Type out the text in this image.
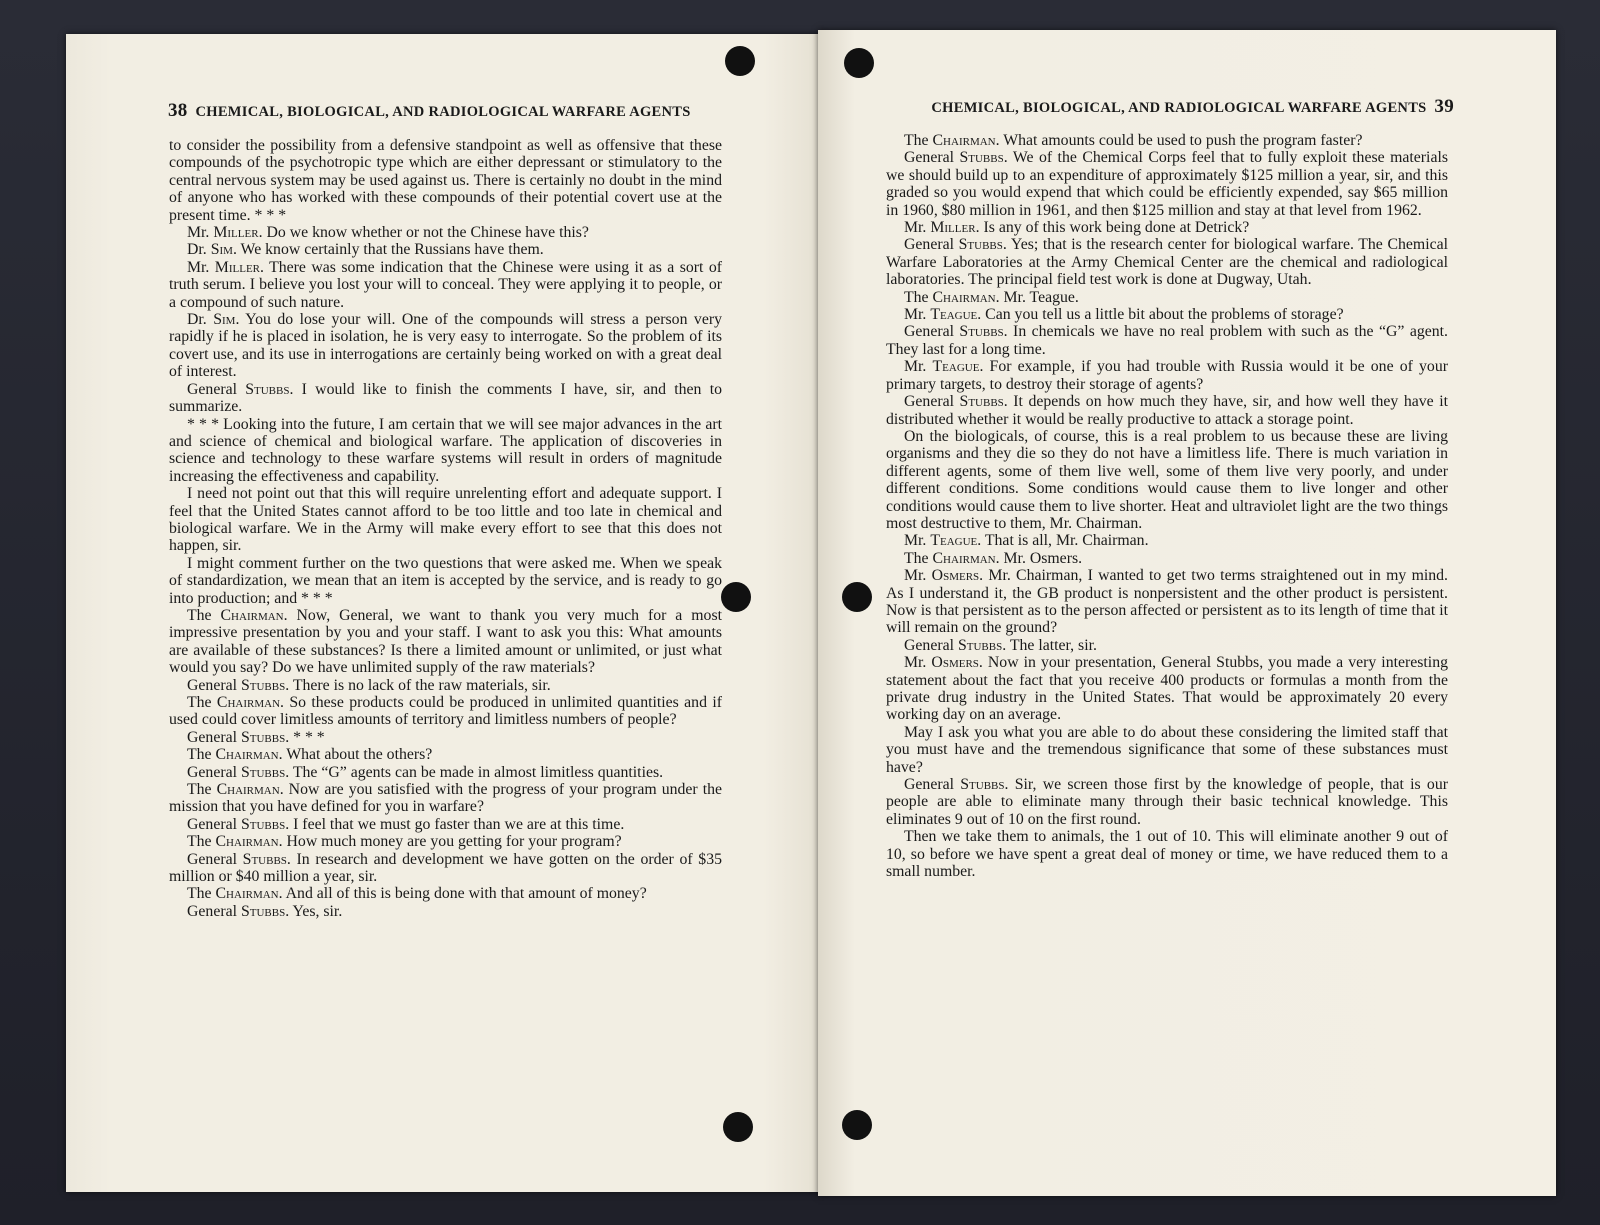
38 CHEMICAL, BIOLOGICAL, AND RADIOLOGICAL WARFARE AGENTS

to consider the possibility from a defensive standpoint as well as offensive that these compounds of the psychotropic type which are either depressant or stimulatory to the central nervous system may be used against us. There is certainly no doubt in the mind of anyone who has worked with these compounds of their potential covert use at the present time. * * *

Mr. Miller. Do we know whether or not the Chinese have this?

Dr. Sim. We know certainly that the Russians have them.

Mr. Miller. There was some indication that the Chinese were using it as a sort of truth serum. I believe you lost your will to conceal. They were applying it to people, or a compound of such nature.

Dr. Sim. You do lose your will. One of the compounds will stress a person very rapidly if he is placed in isolation, he is very easy to interrogate. So the problem of its covert use, and its use in interrogations are certainly being worked on with a great deal of interest.

General Stubbs. I would like to finish the comments I have, sir, and then to summarize.

* * * Looking into the future, I am certain that we will see major advances in the art and science of chemical and biological warfare. The application of discoveries in science and technology to these warfare systems will result in orders of magnitude increasing the effectiveness and capability.

I need not point out that this will require unrelenting effort and adequate support. I feel that the United States cannot afford to be too little and too late in chemical and biological warfare. We in the Army will make every effort to see that this does not happen, sir.

I might comment further on the two questions that were asked me. When we speak of standardization, we mean that an item is accepted by the service, and is ready to go into production; and * * *

The Chairman. Now, General, we want to thank you very much for a most impressive presentation by you and your staff. I want to ask you this: What amounts are available of these substances? Is there a limited amount or unlimited, or just what would you say? Do we have unlimited supply of the raw materials?

General Stubbs. There is no lack of the raw materials, sir.

The Chairman. So these products could be produced in unlimited quantities and if used could cover limitless amounts of territory and limitless numbers of people?

General Stubbs. * * *

The Chairman. What about the others?

General Stubbs. The “G” agents can be made in almost limitless quantities.

The Chairman. Now are you satisfied with the progress of your program under the mission that you have defined for you in warfare?

General Stubbs. I feel that we must go faster than we are at this time.

The Chairman. How much money are you getting for your program?

General Stubbs. In research and development we have gotten on the order of $35 million or $40 million a year, sir.

The Chairman. And all of this is being done with that amount of money?

General Stubbs. Yes, sir.

CHEMICAL, BIOLOGICAL, AND RADIOLOGICAL WARFARE AGENTS 39

The Chairman. What amounts could be used to push the program faster?

General Stubbs. We of the Chemical Corps feel that to fully exploit these materials we should build up to an expenditure of approximately $125 million a year, sir, and this graded so you would expend that which could be efficiently expended, say $65 million in 1960, $80 million in 1961, and then $125 million and stay at that level from 1962.

Mr. Miller. Is any of this work being done at Detrick?

General Stubbs. Yes; that is the research center for biological warfare. The Chemical Warfare Laboratories at the Army Chemical Center are the chemical and radiological laboratories. The principal field test work is done at Dugway, Utah.

The Chairman. Mr. Teague.

Mr. Teague. Can you tell us a little bit about the problems of storage?

General Stubbs. In chemicals we have no real problem with such as the “G” agent. They last for a long time.

Mr. Teague. For example, if you had trouble with Russia would it be one of your primary targets, to destroy their storage of agents?

General Stubbs. It depends on how much they have, sir, and how well they have it distributed whether it would be really productive to attack a storage point.

On the biologicals, of course, this is a real problem to us because these are living organisms and they die so they do not have a limitless life. There is much variation in different agents, some of them live well, some of them live very poorly, and under different conditions. Some conditions would cause them to live longer and other conditions would cause them to live shorter. Heat and ultraviolet light are the two things most destructive to them, Mr. Chairman.

Mr. Teague. That is all, Mr. Chairman.

The Chairman. Mr. Osmers.

Mr. Osmers. Mr. Chairman, I wanted to get two terms straightened out in my mind. As I understand it, the GB product is nonpersistent and the other product is persistent. Now is that persistent as to the person affected or persistent as to its length of time that it will remain on the ground?

General Stubbs. The latter, sir.

Mr. Osmers. Now in your presentation, General Stubbs, you made a very interesting statement about the fact that you receive 400 products or formulas a month from the private drug industry in the United States. That would be approximately 20 every working day on an average.

May I ask you what you are able to do about these considering the limited staff that you must have and the tremendous significance that some of these substances must have?

General Stubbs. Sir, we screen those first by the knowledge of people, that is our people are able to eliminate many through their basic technical knowledge. This eliminates 9 out of 10 on the first round.

Then we take them to animals, the 1 out of 10. This will eliminate another 9 out of 10, so before we have spent a great deal of money or time, we have reduced them to a small number.
